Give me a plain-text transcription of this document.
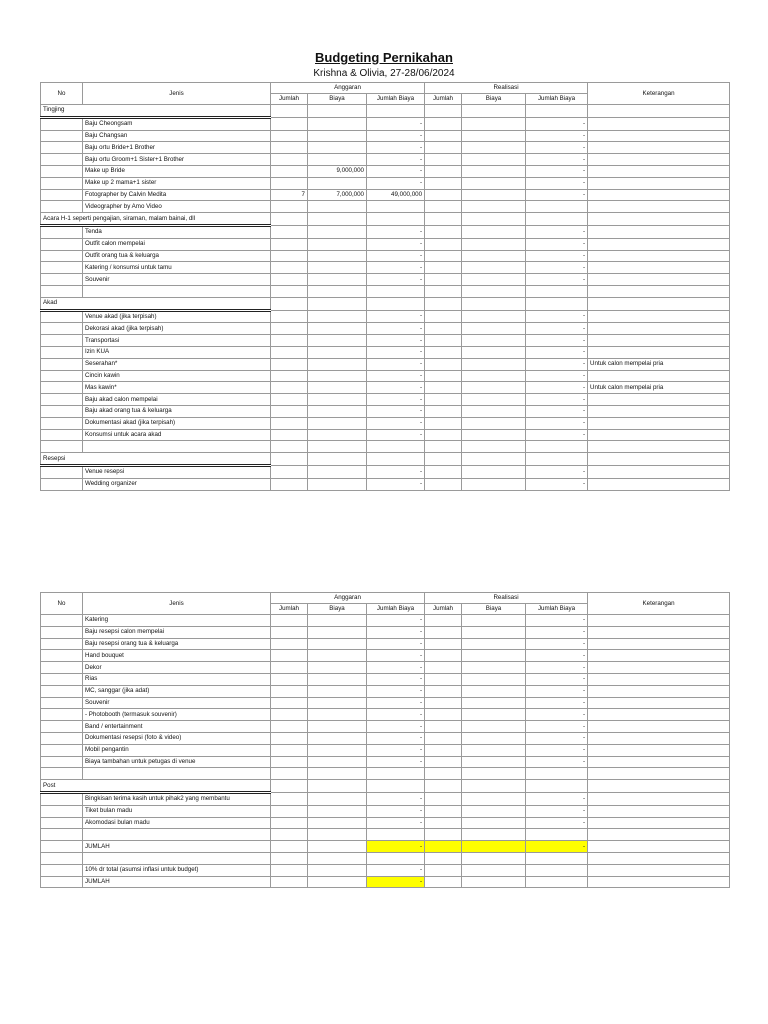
Budgeting Pernikahan

Krishna & Olivia, 27-28/06/2024

No	Jenis	Anggaran			Realisasi			Keterangan
		Jumlah	Biaya	Jumlah Biaya	Jumlah	Biaya	Jumlah Biaya	
Tingjing								
	Baju Cheongsam			-			-	
	Baju Changsan			-			-	
	Baju ortu Bride+1 Brother			-			-	
	Baju ortu Groom+1 Sister+1 Brother			-			-	
	Make up Bride		9,000,000	-			-	
	Make up 2 mama+1 sister			-			-	
	Fotographer by Calvin Medita	7	7,000,000	49,000,000			-	
	Videographer by Amo Video							
Acara H-1 seperti pengajian, siraman, malam bainai, dll								
	Tenda			-			-	
	Outfit calon mempelai			-			-	
	Outfit orang tua & keluarga			-			-	
	Katering / konsumsi untuk tamu			-			-	
	Souvenir			-			-	

Akad								
	Venue akad (jika terpisah)			-			-	
	Dekorasi akad (jika terpisah)			-			-	
	Transportasi			-			-	
	Izin KUA			-			-	
	Seserahan*			-			-	Untuk calon mempelai pria
	Cincin kawin			-			-	
	Mas kawin*			-			-	Untuk calon mempelai pria
	Baju akad calon mempelai			-			-	
	Baju akad orang tua & keluarga			-			-	
	Dokumentasi akad (jika terpisah)			-			-	
	Konsumsi untuk acara akad			-			-	

Resepsi								
	Venue resepsi			-			-	
	Wedding organizer			-			-	
No	Jenis	Anggaran			Realisasi			Keterangan
		Jumlah	Biaya	Jumlah Biaya	Jumlah	Biaya	Jumlah Biaya	
	Katering			-			-	
	Baju resepsi calon mempelai			-			-	
	Baju resepsi orang tua & keluarga			-			-	
	Hand bouquet			-			-	
	Dekor			-			-	
	Rias			-			-	
	MC, sanggar (jika adat)			-			-	
	Souvenir			-			-	
	- Photobooth (termasuk souvenir)			-			-	
	Band / entertainment			-			-	
	Dokumentasi resepsi (foto & video)			-			-	
	Mobil pengantin			-			-	
	Biaya tambahan untuk petugas di venue			-			-	

Post								
	Bingkisan terima kasih untuk pihak2 yang membantu			-			-	
	Tiket bulan madu			-			-	
	Akomodasi bulan madu			-			-	

	JUMLAH			-			-	

	10% dr total (asumsi inflasi untuk budget)			-				
	JUMLAH			-				
